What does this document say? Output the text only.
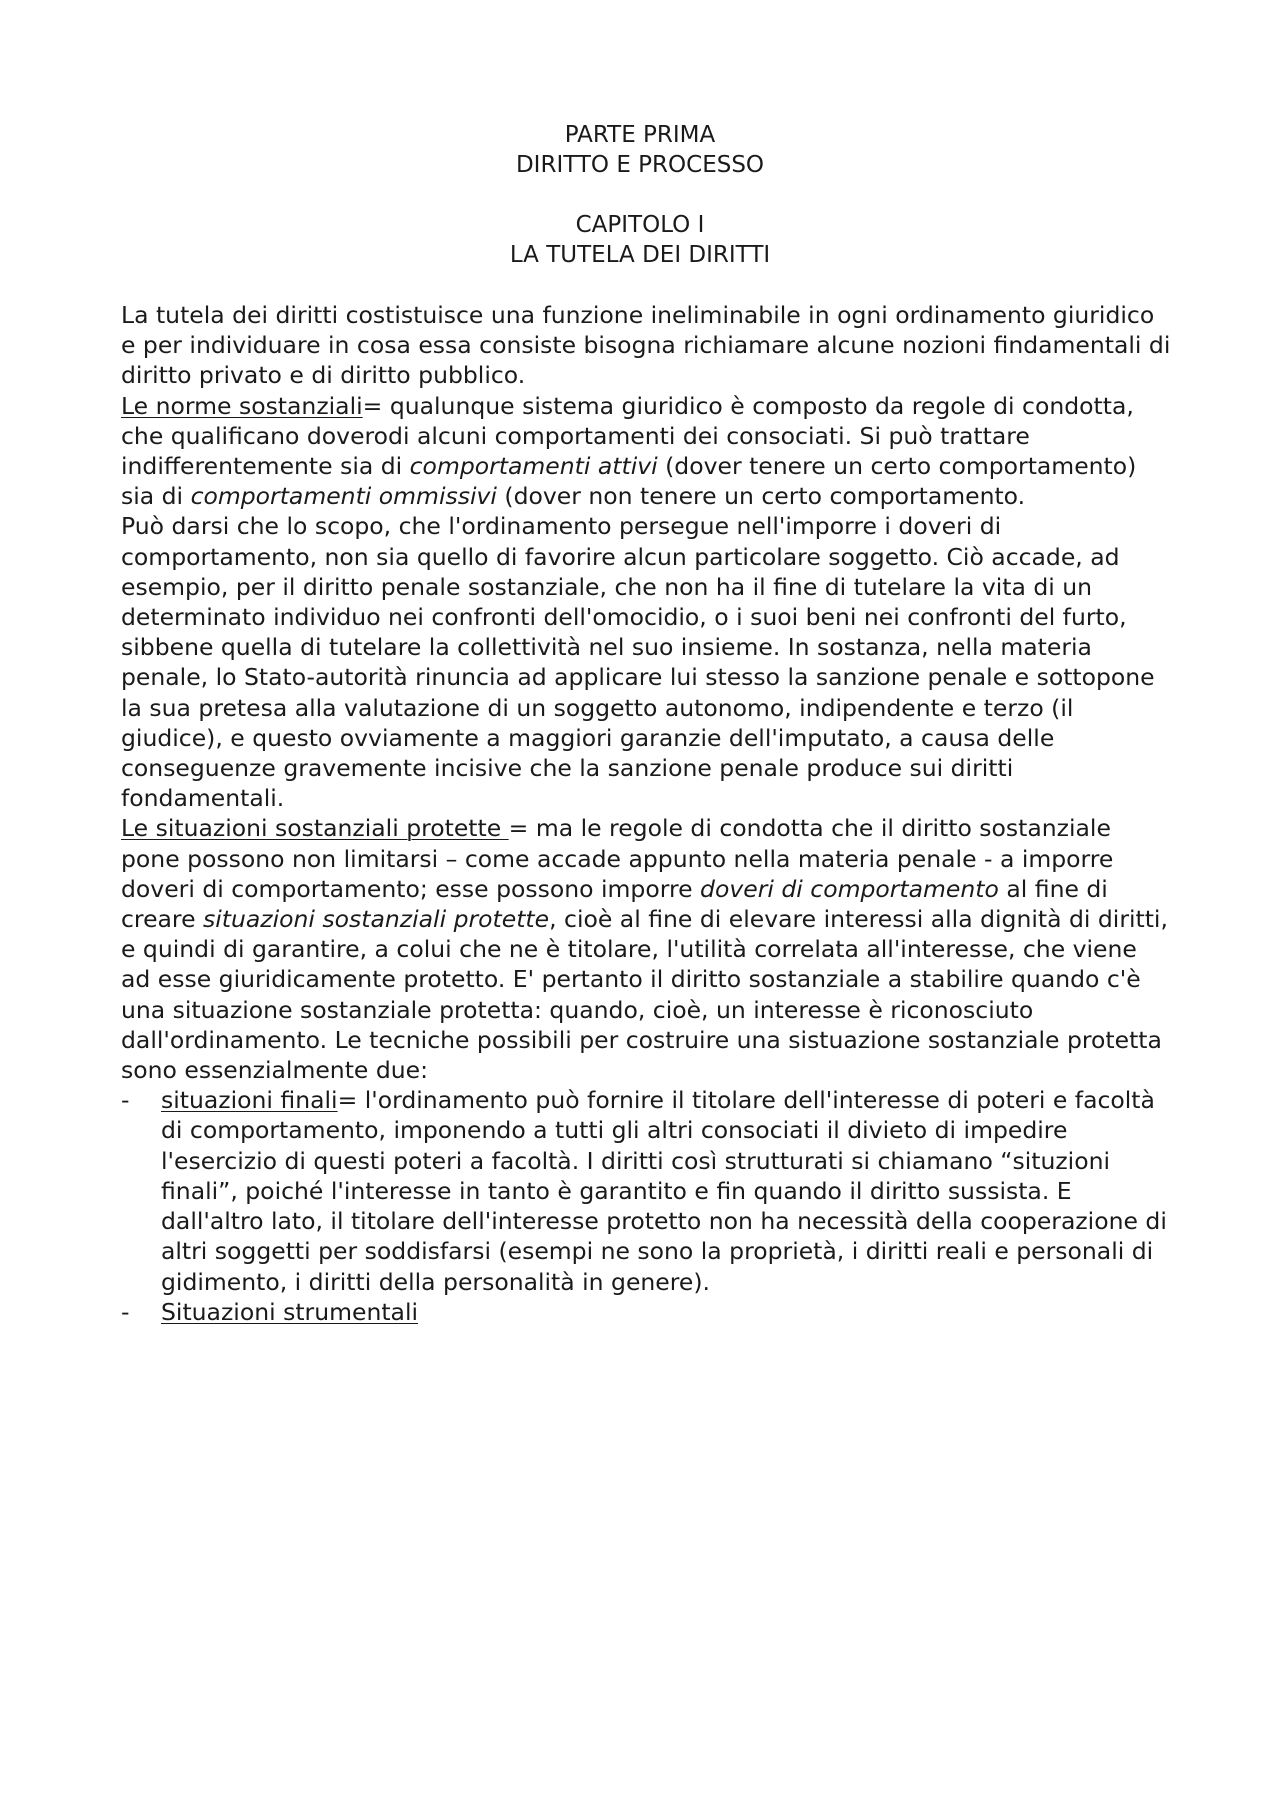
PARTE PRIMA
DIRITTO E PROCESSO
CAPITOLO I
LA TUTELA DEI DIRITTI

La tutela dei diritti costistuisce una funzione ineliminabile in ogni ordinamento giuridico e per individuare in cosa essa consiste bisogna richiamare alcune nozioni findamentali di diritto privato e di diritto pubblico.

Le norme sostanziali= qualunque sistema giuridico è composto da regole di condotta, che qualificano doverodi alcuni comportamenti dei consociati. Si può trattare indifferentemente sia di comportamenti attivi (dover tenere un certo comportamento) sia di comportamenti ommissivi (dover non tenere un certo comportamento.

Può darsi che lo scopo, che l'ordinamento persegue nell'imporre i doveri di comportamento, non sia quello di favorire alcun particolare soggetto. Ciò accade, ad esempio, per il diritto penale sostanziale, che non ha il fine di tutelare la vita di un determinato individuo nei confronti dell'omocidio, o i suoi beni nei confronti del furto, sibbene quella di tutelare la collettività nel suo insieme. In sostanza, nella materia penale, lo Stato-autorità rinuncia ad applicare lui stesso la sanzione penale e sottopone la sua pretesa alla valutazione di un soggetto autonomo, indipendente e terzo (il giudice), e questo ovviamente a maggiori garanzie dell'imputato, a causa delle conseguenze gravemente incisive che la sanzione penale produce sui diritti fondamentali.

Le situazioni sostanziali protette = ma le regole di condotta che il diritto sostanziale pone possono non limitarsi – come accade appunto nella materia penale - a imporre doveri di comportamento; esse possono imporre doveri di comportamento al fine di creare situazioni sostanziali protette, cioè al fine di elevare interessi alla dignità di diritti, e quindi di garantire, a colui che ne è titolare, l'utilità correlata all'interesse, che viene ad esse giuridicamente protetto. E' pertanto il diritto sostanziale a stabilire quando c'è una situazione sostanziale protetta: quando, cioè, un interesse è riconosciuto dall'ordinamento. Le tecniche possibili per costruire una sistuazione sostanziale protetta sono essenzialmente due:

- situazioni finali= l'ordinamento può fornire il titolare dell'interesse di poteri e facoltà di comportamento, imponendo a tutti gli altri consociati il divieto di impedire l'esercizio di questi poteri a facoltà. I diritti così strutturati si chiamano “situzioni finali”, poiché l'interesse in tanto è garantito e fin quando il diritto sussista. E dall'altro lato, il titolare dell'interesse protetto non ha necessità della cooperazione di altri soggetti per soddisfarsi (esempi ne sono la proprietà, i diritti reali e personali di gidimento, i diritti della personalità in genere).
- Situazioni strumentali
